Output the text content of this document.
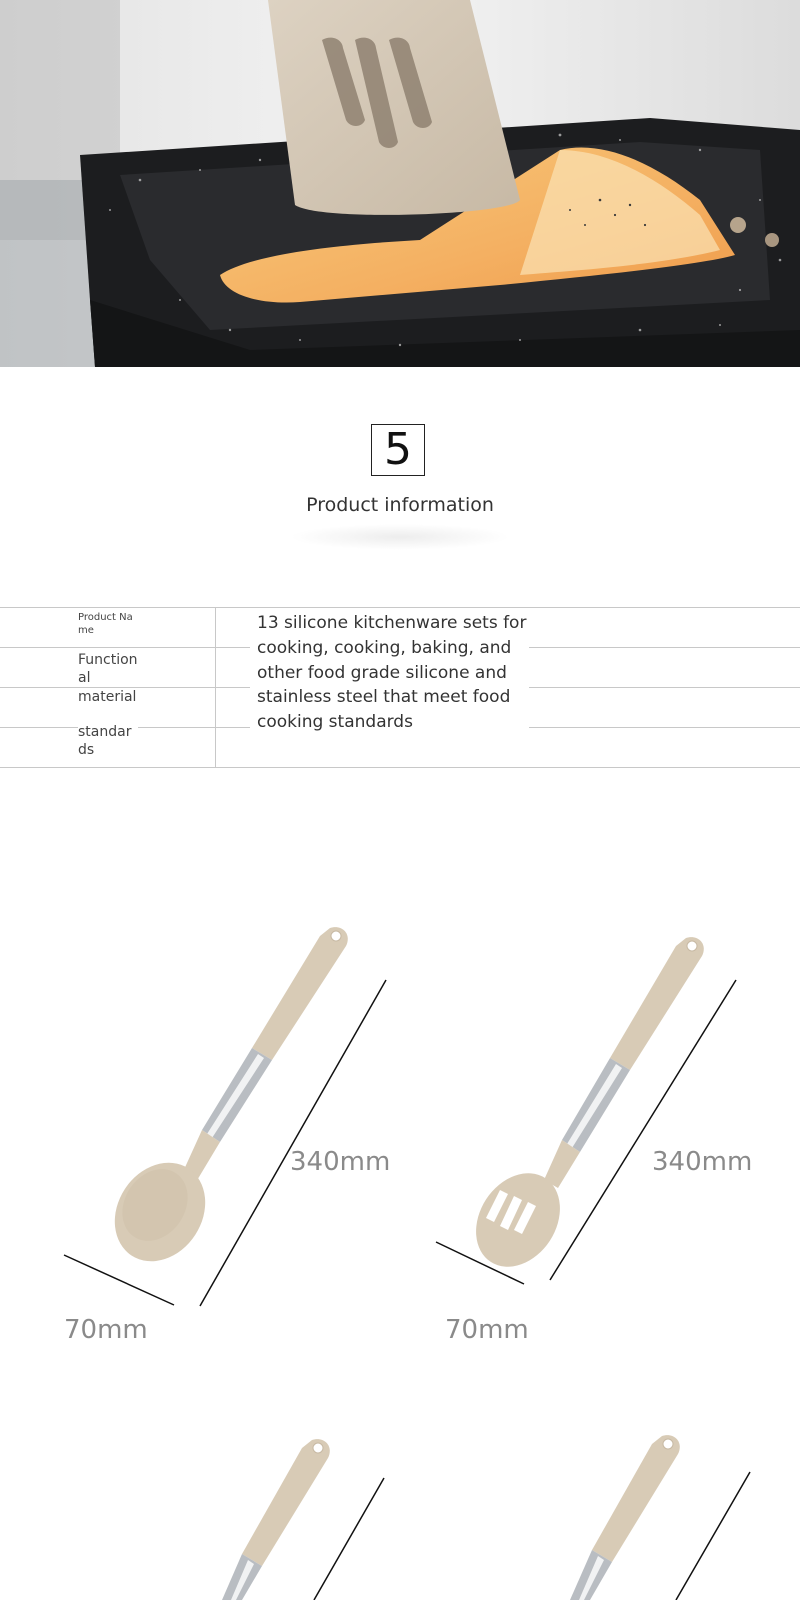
5
Product information
Product Name
Functional
material
standards
13 silicone kitchenware sets for cooking, cooking, baking, and other food grade silicone and stainless steel that meet food cooking standards
340mm
70mm
340mm
70mm
